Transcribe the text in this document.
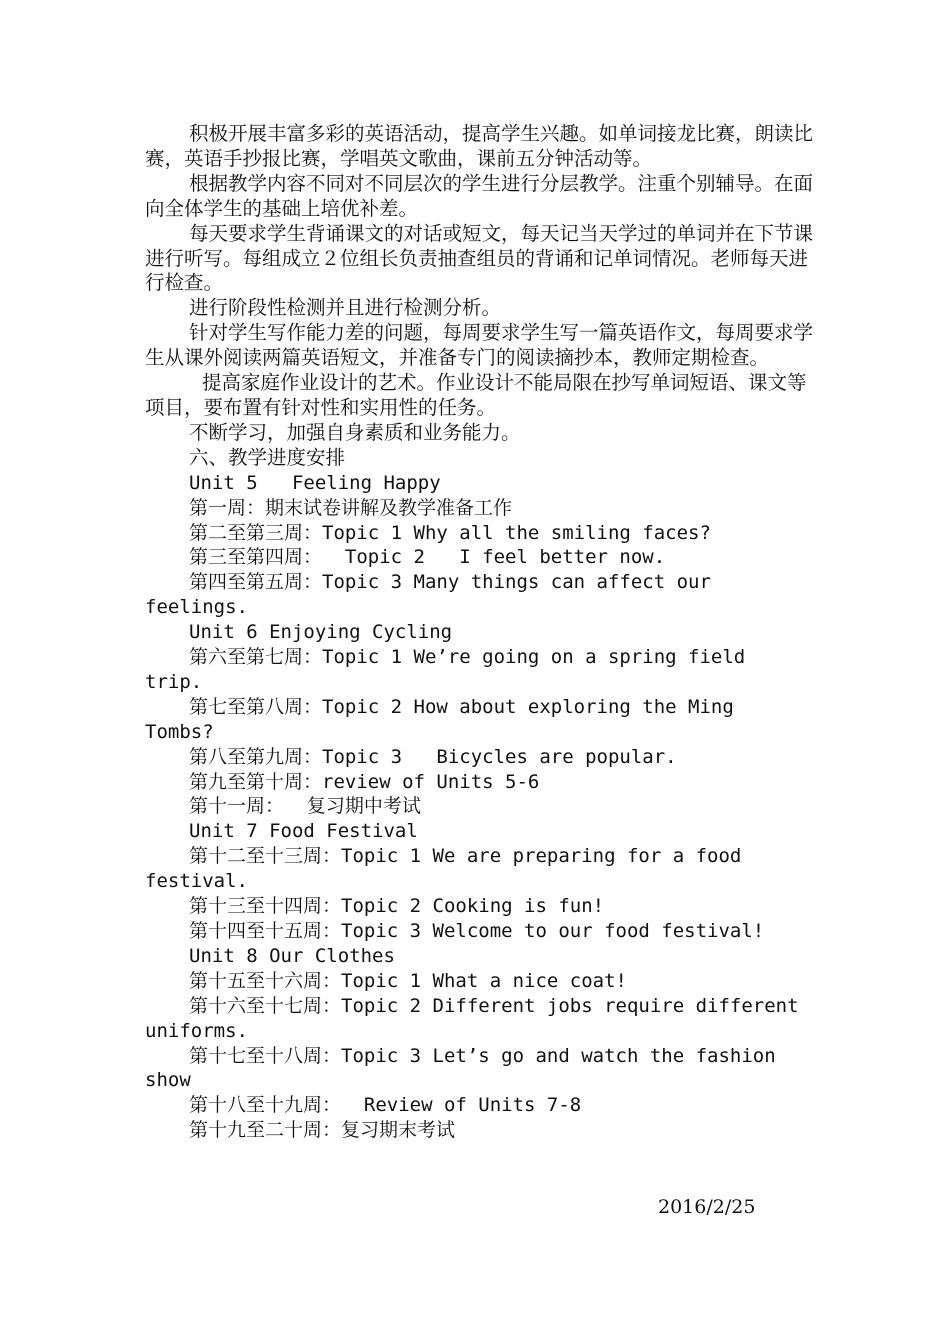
积极开展丰富多彩的英语活动，提高学生兴趣。如单词接龙比赛，朗读比赛，英语手抄报比赛，学唱英文歌曲，课前五分钟活动等。

根据教学内容不同对不同层次的学生进行分层教学。注重个别辅导。在面向全体学生的基础上培优补差。

每天要求学生背诵课文的对话或短文，每天记当天学过的单词并在下节课进行听写。每组成立２位组长负责抽查组员的背诵和记单词情况。老师每天进行检查。

进行阶段性检测并且进行检测分析。

针对学生写作能力差的问题，每周要求学生写一篇英语作文，每周要求学生从课外阅读两篇英语短文，并准备专门的阅读摘抄本，教师定期检查。

提高家庭作业设计的艺术。作业设计不能局限在抄写单词短语、课文等项目，要布置有针对性和实用性的任务。

不断学习，加强自身素质和业务能力。

六、教学进度安排

Unit 5   Feeling Happy

第一周：期末试卷讲解及教学准备工作

第二至第三周：Topic 1 Why all the smiling faces?

第三至第四周：  Topic 2   I feel better now.

第四至第五周：Topic 3 Many things can affect our feelings.

Unit 6 Enjoying Cycling

第六至第七周：Topic 1 We’re going on a spring field trip.

第七至第八周：Topic 2 How about exploring the Ming Tombs?

第八至第九周：Topic 3   Bicycles are popular.

第九至第十周：review of Units 5-6

第十一周：  复习期中考试

Unit 7 Food Festival

第十二至十三周：Topic 1 We are preparing for a food festival.

第十三至十四周：Topic 2 Cooking is fun!

第十四至十五周：Topic 3 Welcome to our food festival!

Unit 8 Our Clothes

第十五至十六周：Topic 1 What a nice coat!

第十六至十七周：Topic 2 Different jobs require different uniforms.

第十七至十八周：Topic 3 Let’s go and watch the fashion show

第十八至十九周：  Review of Units 7-8

第十九至二十周：复习期末考试

2016/2/25
